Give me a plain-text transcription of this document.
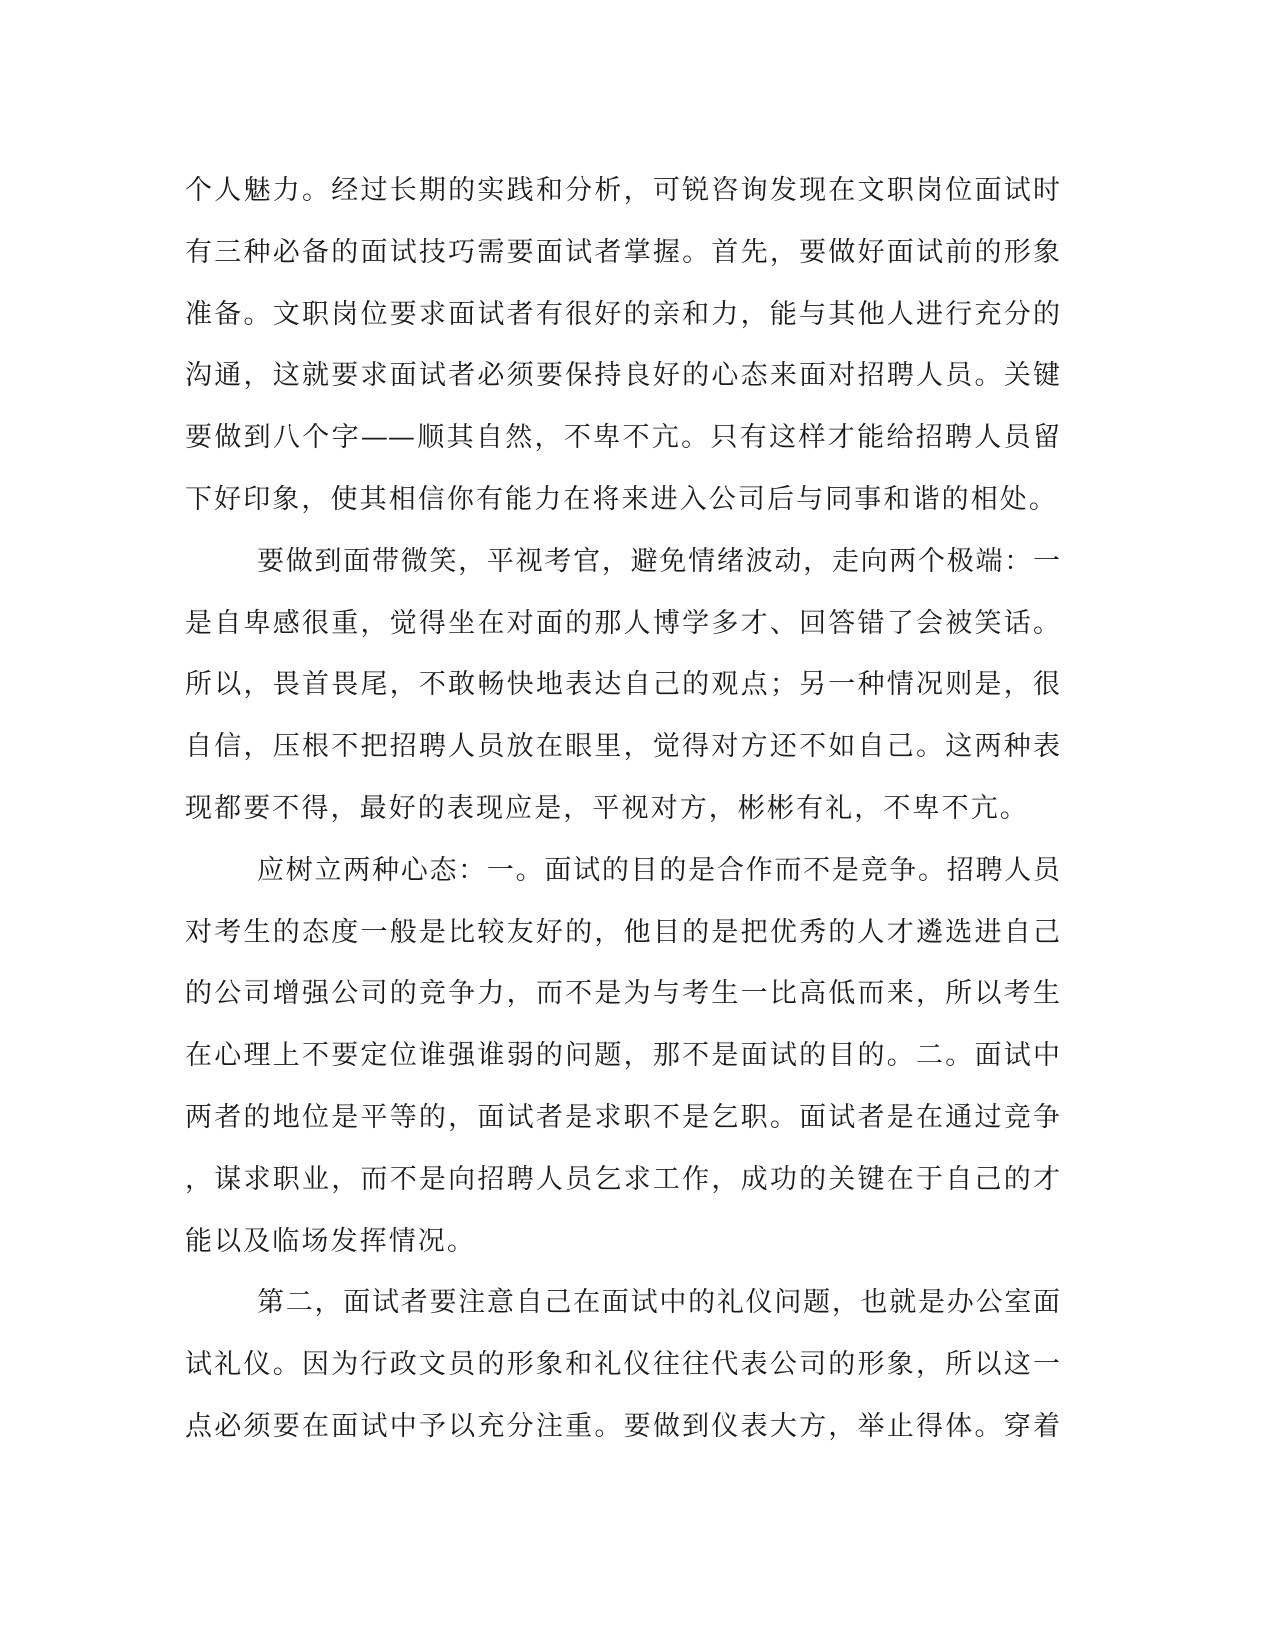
个人魅力。经过长期的实践和分析，可锐咨询发现在文职岗位面试时
有三种必备的面试技巧需要面试者掌握。首先，要做好面试前的形象
准备。文职岗位要求面试者有很好的亲和力，能与其他人进行充分的
沟通，这就要求面试者必须要保持良好的心态来面对招聘人员。关键
要做到八个字——顺其自然，不卑不亢。只有这样才能给招聘人员留
下好印象，使其相信你有能力在将来进入公司后与同事和谐的相处。
要做到面带微笑，平视考官，避免情绪波动，走向两个极端：一
是自卑感很重，觉得坐在对面的那人博学多才、回答错了会被笑话。
所以，畏首畏尾，不敢畅快地表达自己的观点；另一种情况则是，很
自信，压根不把招聘人员放在眼里，觉得对方还不如自己。这两种表
现都要不得，最好的表现应是，平视对方，彬彬有礼，不卑不亢。
应树立两种心态：一。面试的目的是合作而不是竞争。招聘人员
对考生的态度一般是比较友好的，他目的是把优秀的人才遴选进自己
的公司增强公司的竞争力，而不是为与考生一比高低而来，所以考生
在心理上不要定位谁强谁弱的问题，那不是面试的目的。二。面试中
两者的地位是平等的，面试者是求职不是乞职。面试者是在通过竞争
，谋求职业，而不是向招聘人员乞求工作，成功的关键在于自己的才
能以及临场发挥情况。
第二，面试者要注意自己在面试中的礼仪问题，也就是办公室面
试礼仪。因为行政文员的形象和礼仪往往代表公司的形象，所以这一
点必须要在面试中予以充分注重。要做到仪表大方，举止得体。穿着
